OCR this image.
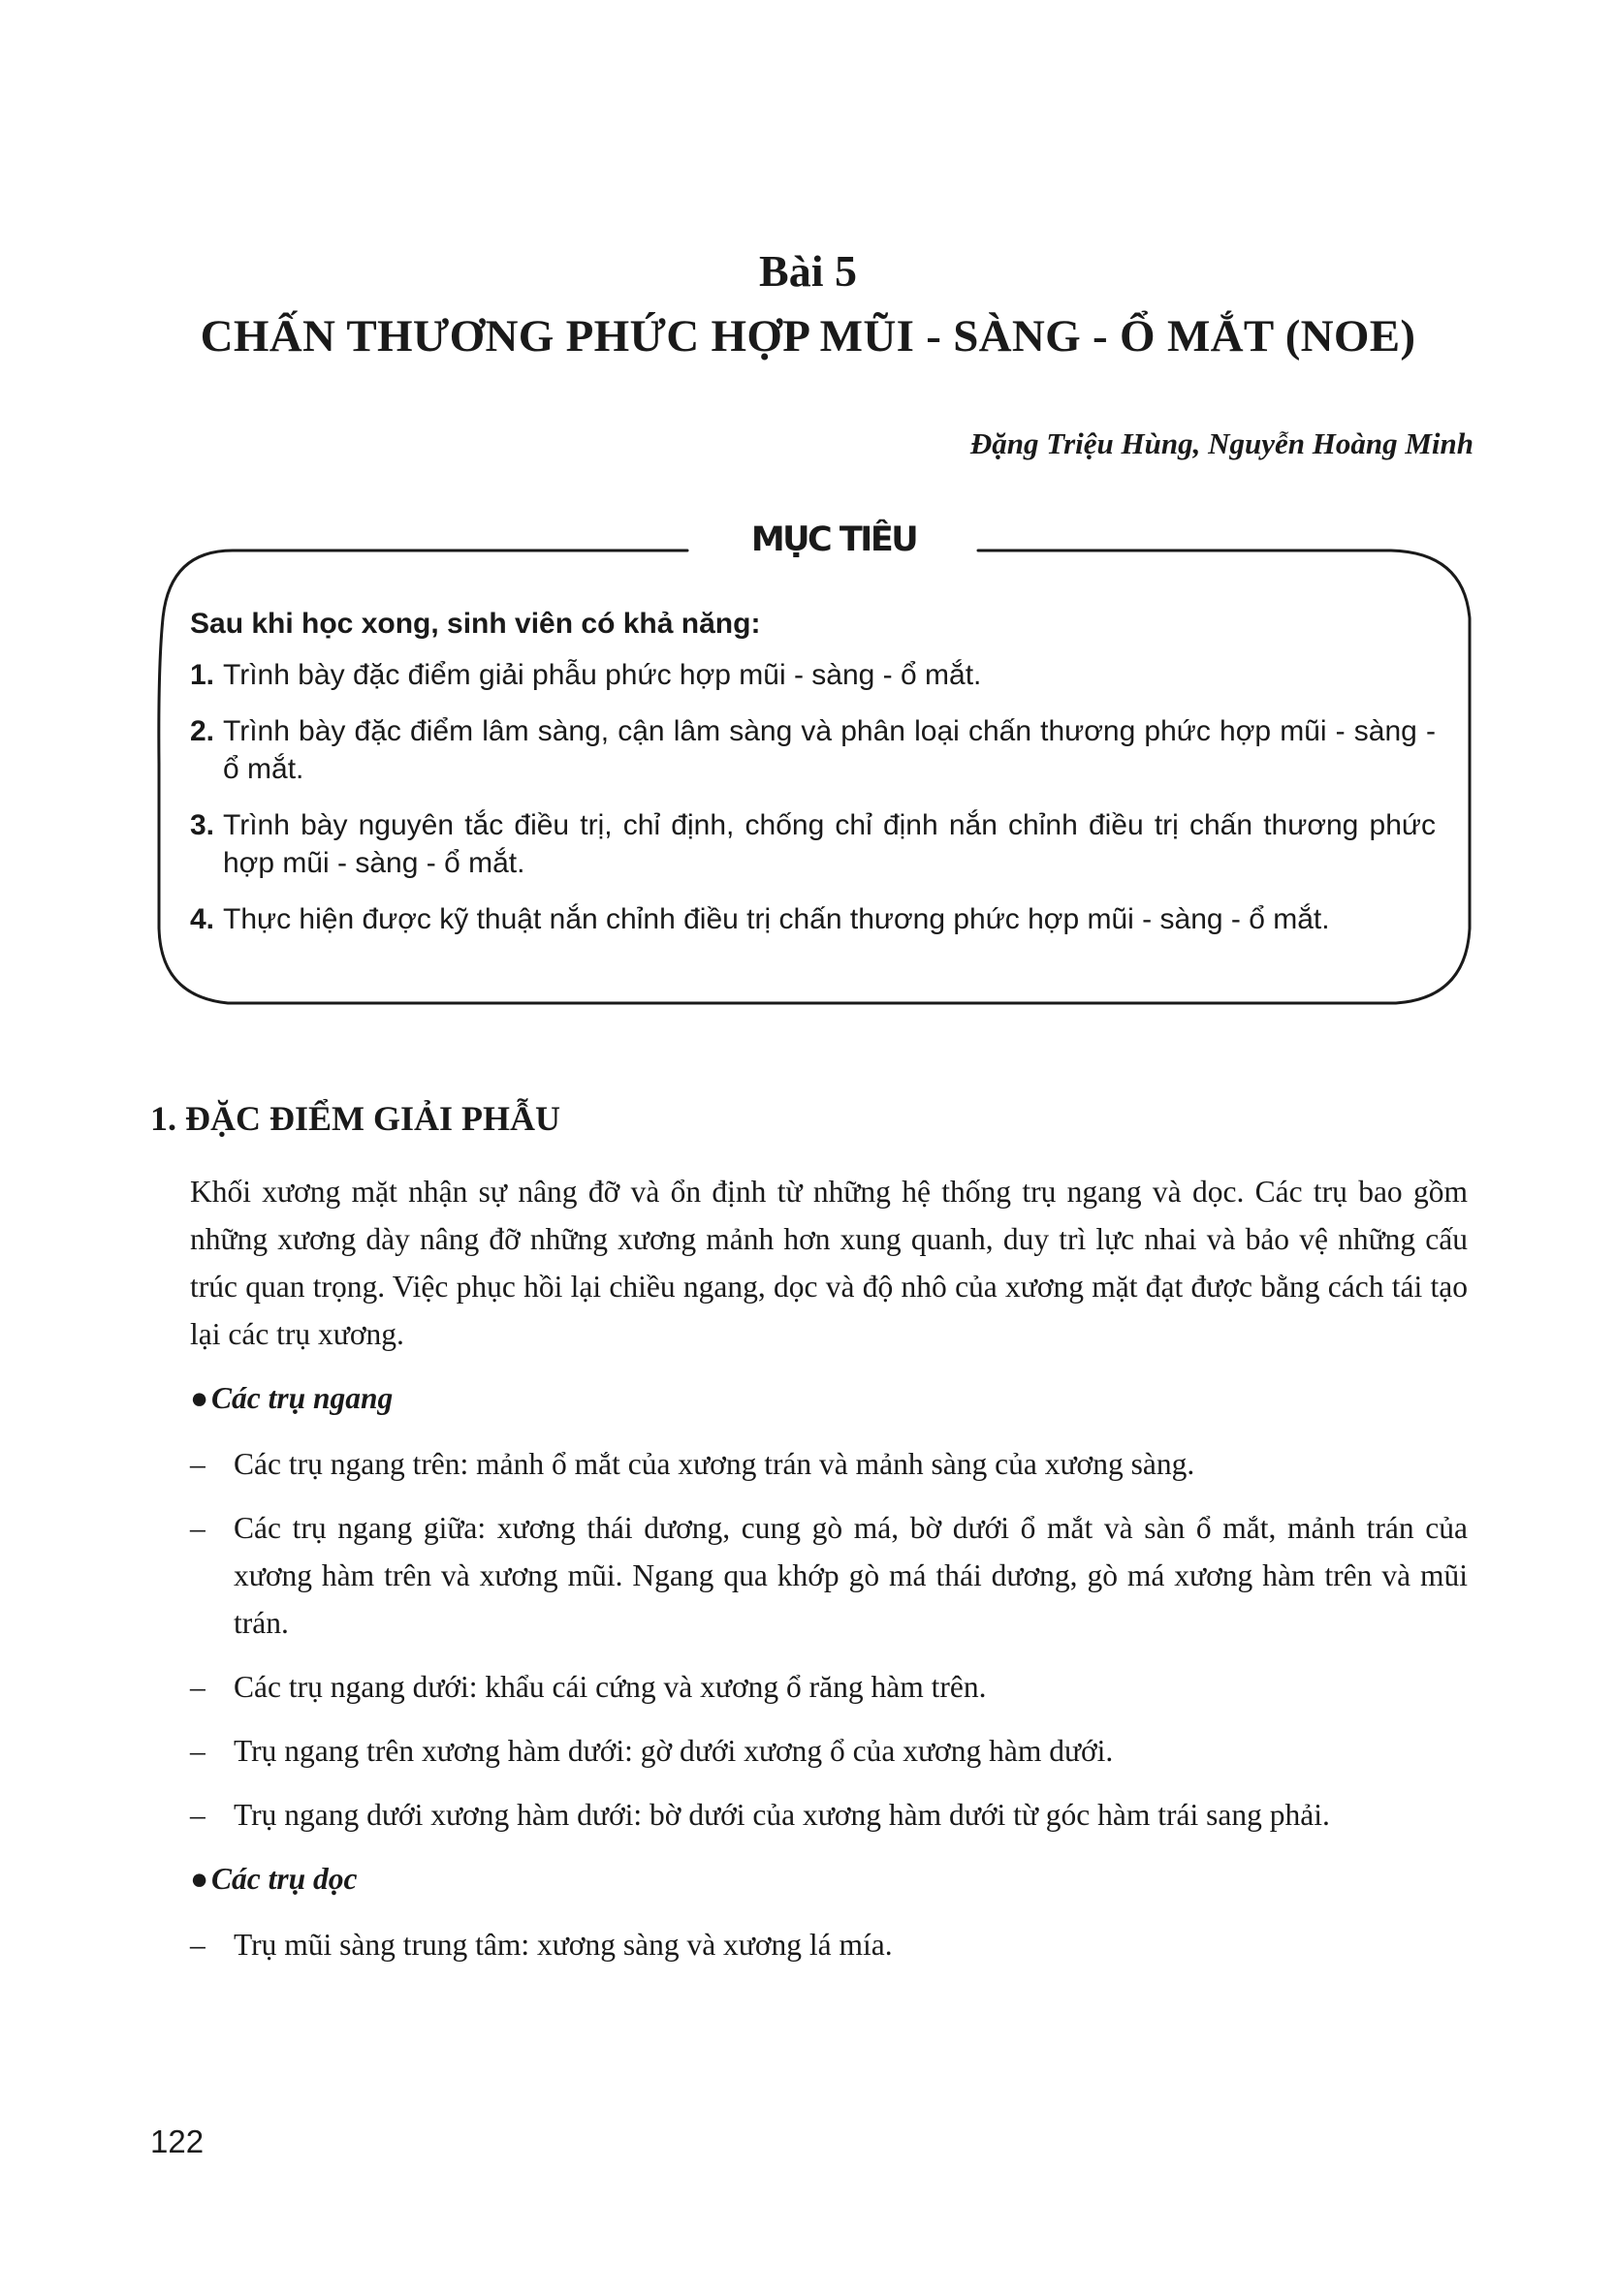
Bài 5
CHẤN THƯƠNG PHỨC HỢP MŨI - SÀNG - Ổ MẮT (NOE)
Đặng Triệu Hùng, Nguyễn Hoàng Minh
MỤC TIÊU
Sau khi học xong, sinh viên có khả năng:
1. Trình bày đặc điểm giải phẫu phức hợp mũi - sàng - ổ mắt.
2. Trình bày đặc điểm lâm sàng, cận lâm sàng và phân loại chấn thương phức hợp mũi - sàng - ổ mắt.
3. Trình bày nguyên tắc điều trị, chỉ định, chống chỉ định nắn chỉnh điều trị chấn thương phức hợp mũi - sàng - ổ mắt.
4. Thực hiện được kỹ thuật nắn chỉnh điều trị chấn thương phức hợp mũi - sàng - ổ mắt.
1. ĐẶC ĐIỂM GIẢI PHẪU
Khối xương mặt nhận sự nâng đỡ và ổn định từ những hệ thống trụ ngang và dọc. Các trụ bao gồm những xương dày nâng đỡ những xương mảnh hơn xung quanh, duy trì lực nhai và bảo vệ những cấu trúc quan trọng. Việc phục hồi lại chiều ngang, dọc và độ nhô của xương mặt đạt được bằng cách tái tạo lại các trụ xương.
● Các trụ ngang
– Các trụ ngang trên: mảnh ổ mắt của xương trán và mảnh sàng của xương sàng.
– Các trụ ngang giữa: xương thái dương, cung gò má, bờ dưới ổ mắt và sàn ổ mắt, mảnh trán của xương hàm trên và xương mũi. Ngang qua khớp gò má thái dương, gò má xương hàm trên và mũi trán.
– Các trụ ngang dưới: khẩu cái cứng và xương ổ răng hàm trên.
– Trụ ngang trên xương hàm dưới: gờ dưới xương ổ của xương hàm dưới.
– Trụ ngang dưới xương hàm dưới: bờ dưới của xương hàm dưới từ góc hàm trái sang phải.
● Các trụ dọc
– Trụ mũi sàng trung tâm: xương sàng và xương lá mía.
122
